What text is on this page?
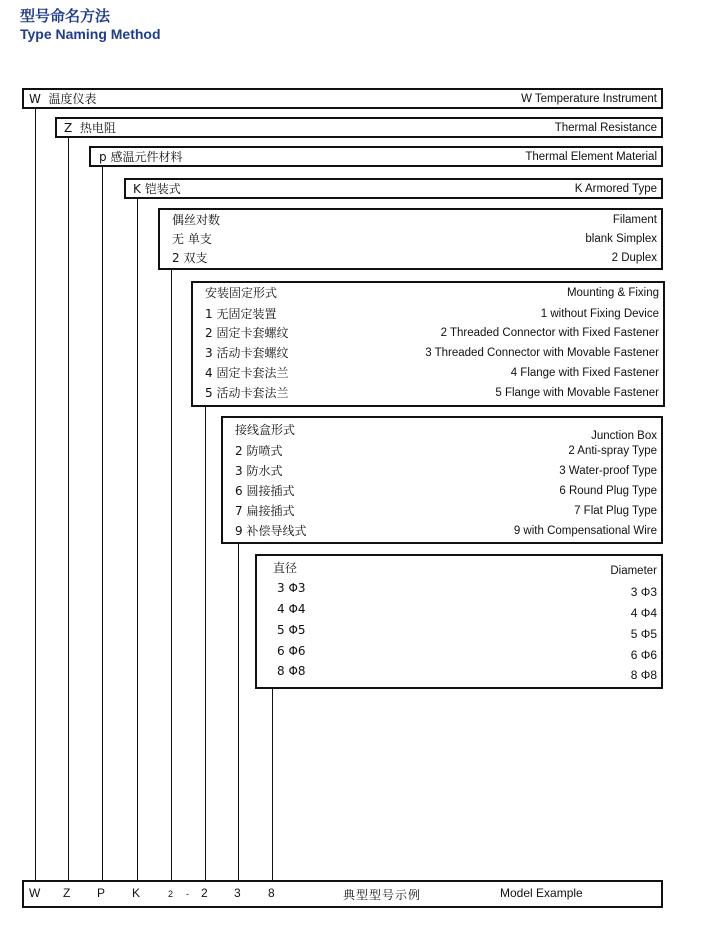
型号命名方法
Type Naming Method
W 温度仪表	W Temperature Instrument
Z 热电阻	Thermal Resistance
p 感温元件材料	Thermal Element Material
K 铠装式	K Armored Type
偶丝对数	Filament
无 单支	blank Simplex
2 双支	2 Duplex
安装固定形式	Mounting & Fixing
1 无固定装置	1 without Fixing Device
2 固定卡套螺纹	2 Threaded Connector with Fixed Fastener
3 活动卡套螺纹	3 Threaded Connector with Movable Fastener
4 固定卡套法兰	4 Flange with Fixed Fastener
5 活动卡套法兰	5 Flange with Movable Fastener
接线盒形式	Junction Box
2 防喷式	2 Anti-spray Type
3 防水式	3 Water-proof Type
6 圆接插式	6 Round Plug Type
7 扁接插式	7 Flat Plug Type
9 补偿导线式	9 with Compensational Wire
直径	Diameter
3 Φ3	3 Φ3
4 Φ4	4 Φ4
5 Φ5	5 Φ5
6 Φ6	6 Φ6
8 Φ8	8 Φ8
W Z P K	2 - 2 3 8	典型型号示例	Model Example
